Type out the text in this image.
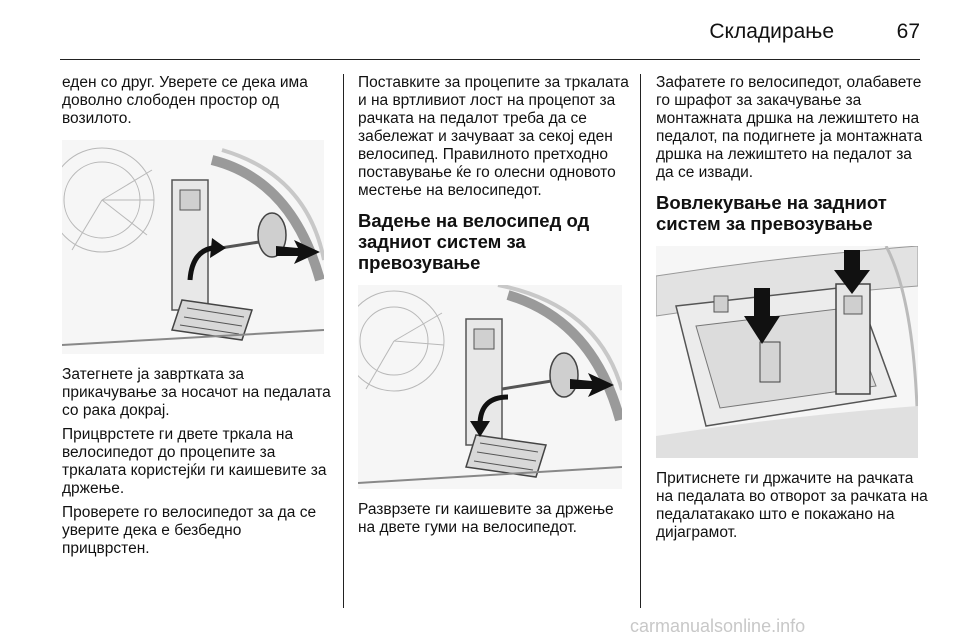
Складирање	67

еден со друг. Уверете се дека има доволно слободен простор од возилото.

Затегнете ја завртката за прикачување за носачот на педалата со рака докрај.

Прицврстете ги двете тркала на велосипедот до процепите за тркалата користејќи ги каишевите за држење.

Проверете го велосипедот за да се уверите дека е безбедно прицврстен.

Поставките за процепите за тркалата и на вртливиот лост на процепот за рачката на педалот треба да се забележат и зачуваат за секој еден велосипед. Правилното претходно поставување ќе го олесни одновото местење на велосипедот.

Вадење на велосипед од задниот систем за превозување

Разврзете ги каишевите за држење на двете гуми на велосипедот.

Зафатете го велосипедот, олабавете го шрафот за закачување за монтажната дршка на лежиштето на педалот, па подигнете ја монтажната дршка на лежиштето на педалот за да се извади.

Вовлекување на задниот систем за превозување

Притиснете ги држачите на рачката на педалата во отворот за рачката на педалатакако што е покажано на дијаграмот.

carmanualsonline.info
